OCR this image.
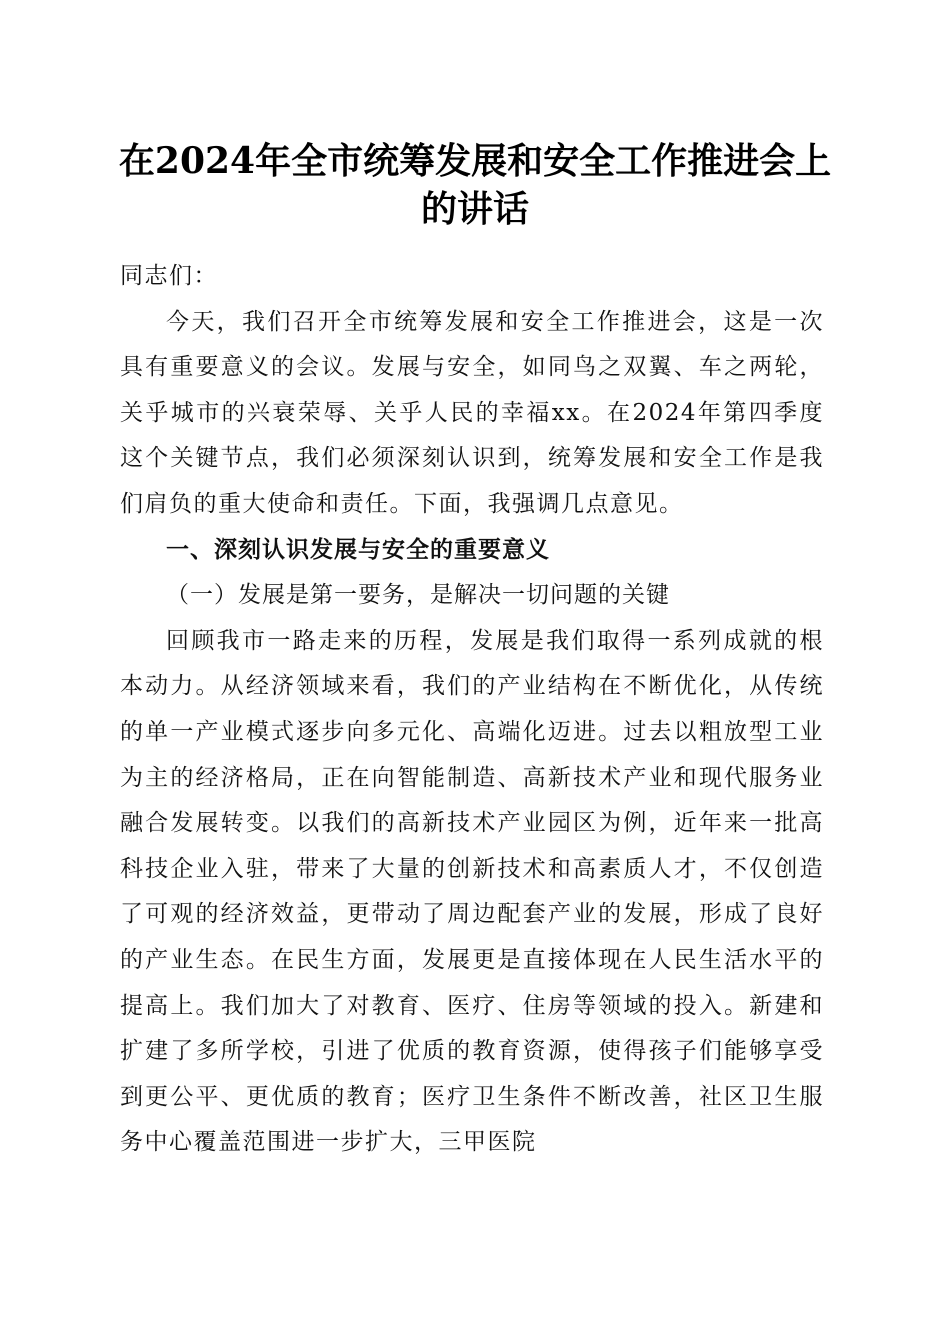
在2024年全市统筹发展和安全工作推进会上
的讲话

同志们：

今天，我们召开全市统筹发展和安全工作推进会，这是一次具有重要意义的会议。发展与安全，如同鸟之双翼、车之两轮，关乎城市的兴衰荣辱、关乎人民的幸福xx。在2024年第四季度这个关键节点，我们必须深刻认识到，统筹发展和安全工作是我们肩负的重大使命和责任。下面，我强调几点意见。

一、深刻认识发展与安全的重要意义

（一）发展是第一要务，是解决一切问题的关键

回顾我市一路走来的历程，发展是我们取得一系列成就的根本动力。从经济领域来看，我们的产业结构在不断优化，从传统的单一产业模式逐步向多元化、高端化迈进。过去以粗放型工业为主的经济格局，正在向智能制造、高新技术产业和现代服务业融合发展转变。以我们的高新技术产业园区为例，近年来一批高科技企业入驻，带来了大量的创新技术和高素质人才，不仅创造了可观的经济效益，更带动了周边配套产业的发展，形成了良好的产业生态。在民生方面，发展更是直接体现在人民生活水平的提高上。我们加大了对教育、医疗、住房等领域的投入。新建和扩建了多所学校，引进了优质的教育资源，使得孩子们能够享受到更公平、更优质的教育；医疗卫生条件不断改善，社区卫生服务中心覆盖范围进一步扩大，三甲医院
